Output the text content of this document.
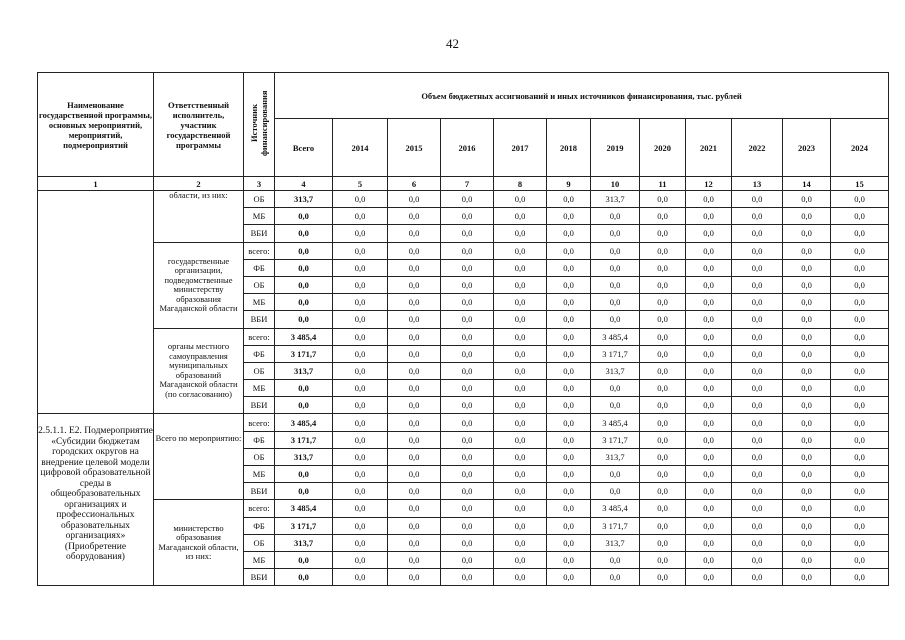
42
Наименование государственной программы, основных мероприятий, мероприятий, подмероприятий	Ответственный исполнитель, участник государственной программы	Источник финансирования	Объем бюджетных ассигнований и иных источников финансирования, тыс. рублей											
			Всего	2014	2015	2016	2017	2018	2019	2020	2021	2022	2023	2024
1	2	3	4	5	6	7	8	9	10	11	12	13	14	15
	области, из них:	ОБ	313,7	0,0	0,0	0,0	0,0	0,0	313,7	0,0	0,0	0,0	0,0	0,0
		МБ	0,0	0,0	0,0	0,0	0,0	0,0	0,0	0,0	0,0	0,0	0,0	0,0
		ВБИ	0,0	0,0	0,0	0,0	0,0	0,0	0,0	0,0	0,0	0,0	0,0	0,0
	государственные организации, подведомственные министерству образования Магаданской области	всего:	0,0	0,0	0,0	0,0	0,0	0,0	0,0	0,0	0,0	0,0	0,0	0,0
		ФБ	0,0	0,0	0,0	0,0	0,0	0,0	0,0	0,0	0,0	0,0	0,0	0,0
		ОБ	0,0	0,0	0,0	0,0	0,0	0,0	0,0	0,0	0,0	0,0	0,0	0,0
		МБ	0,0	0,0	0,0	0,0	0,0	0,0	0,0	0,0	0,0	0,0	0,0	0,0
		ВБИ	0,0	0,0	0,0	0,0	0,0	0,0	0,0	0,0	0,0	0,0	0,0	0,0
	органы местного самоуправления муниципальных образований Магаданской области (по согласованию)	всего:	3 485,4	0,0	0,0	0,0	0,0	0,0	3 485,4	0,0	0,0	0,0	0,0	0,0
		ФБ	3 171,7	0,0	0,0	0,0	0,0	0,0	3 171,7	0,0	0,0	0,0	0,0	0,0
		ОБ	313,7	0,0	0,0	0,0	0,0	0,0	313,7	0,0	0,0	0,0	0,0	0,0
		МБ	0,0	0,0	0,0	0,0	0,0	0,0	0,0	0,0	0,0	0,0	0,0	0,0
		ВБИ	0,0	0,0	0,0	0,0	0,0	0,0	0,0	0,0	0,0	0,0	0,0	0,0
2.5.1.1. Е2. Подмероприятие «Субсидии бюджетам городских округов на внедрение целевой модели цифровой образовательной среды в общеобразовательных организациях и профессиональных образовательных организациях» (Приобретение оборудования)	Всего по мероприятию:	всего:	3 485,4	0,0	0,0	0,0	0,0	0,0	3 485,4	0,0	0,0	0,0	0,0	0,0
		ФБ	3 171,7	0,0	0,0	0,0	0,0	0,0	3 171,7	0,0	0,0	0,0	0,0	0,0
		ОБ	313,7	0,0	0,0	0,0	0,0	0,0	313,7	0,0	0,0	0,0	0,0	0,0
		МБ	0,0	0,0	0,0	0,0	0,0	0,0	0,0	0,0	0,0	0,0	0,0	0,0
		ВБИ	0,0	0,0	0,0	0,0	0,0	0,0	0,0	0,0	0,0	0,0	0,0	0,0
	министерство образования Магаданской области, из них:	всего:	3 485,4	0,0	0,0	0,0	0,0	0,0	3 485,4	0,0	0,0	0,0	0,0	0,0
		ФБ	3 171,7	0,0	0,0	0,0	0,0	0,0	3 171,7	0,0	0,0	0,0	0,0	0,0
		ОБ	313,7	0,0	0,0	0,0	0,0	0,0	313,7	0,0	0,0	0,0	0,0	0,0
		МБ	0,0	0,0	0,0	0,0	0,0	0,0	0,0	0,0	0,0	0,0	0,0	0,0
		ВБИ	0,0	0,0	0,0	0,0	0,0	0,0	0,0	0,0	0,0	0,0	0,0	0,0
